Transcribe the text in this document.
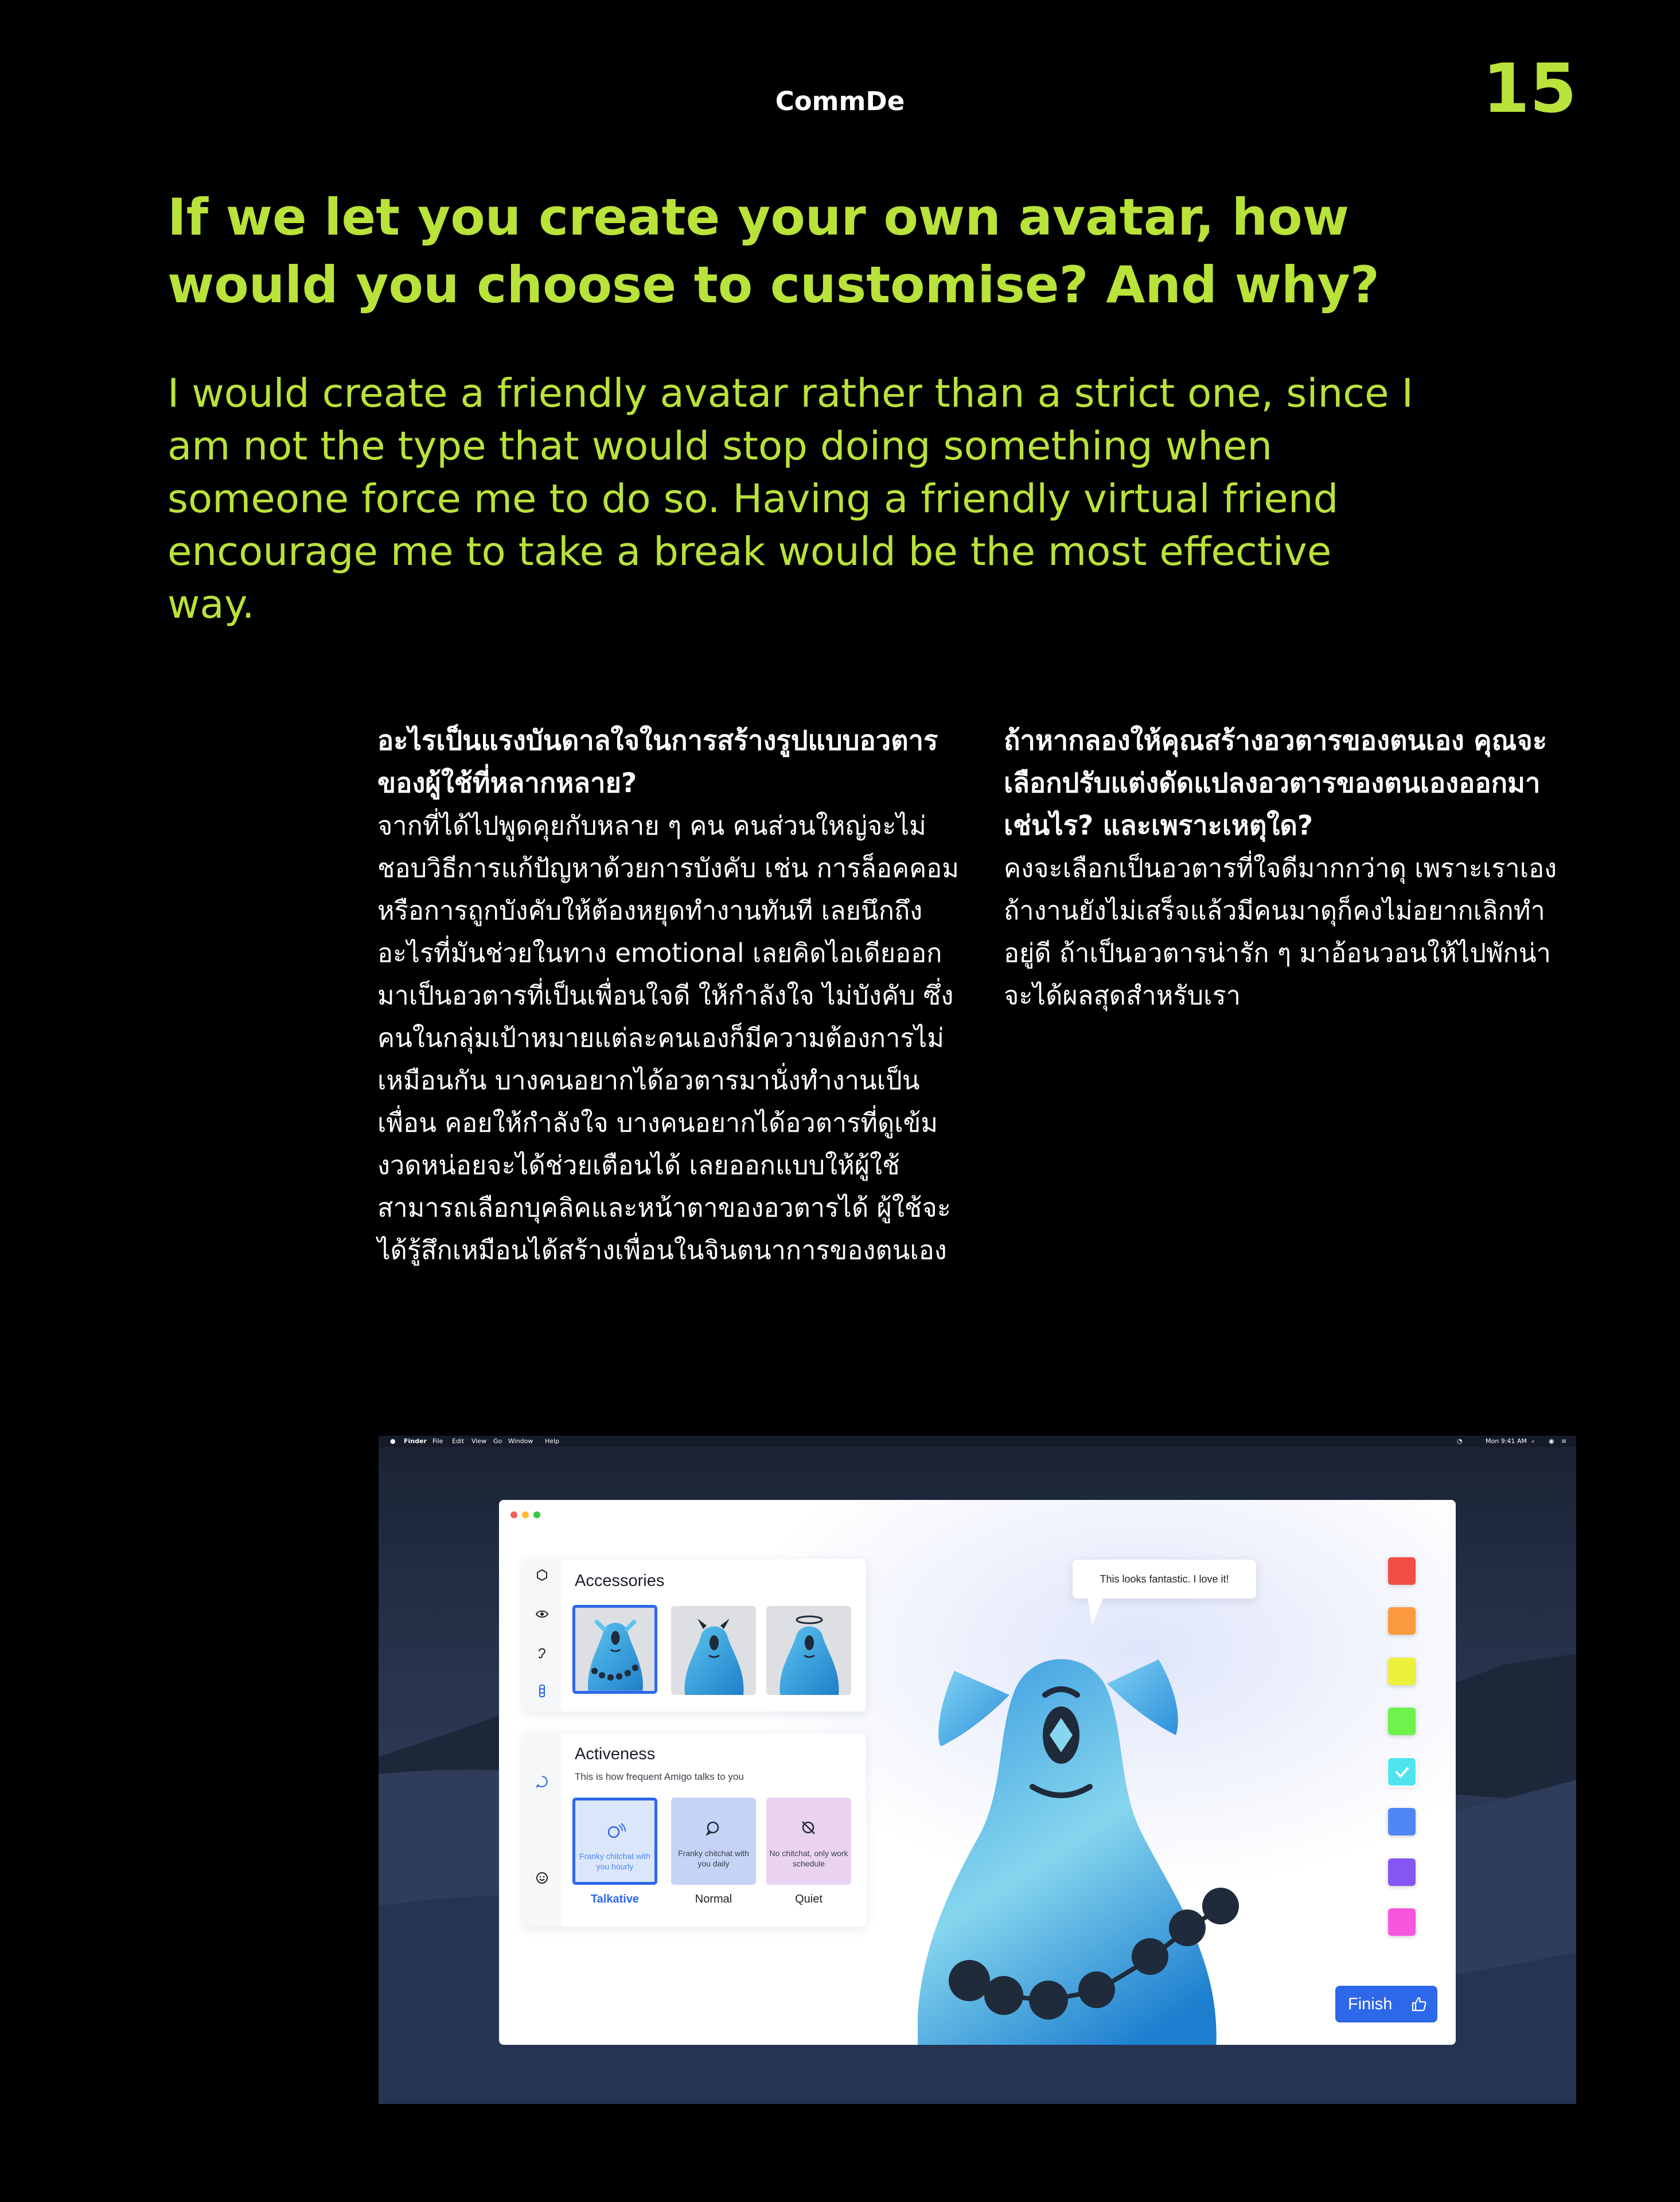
CommDe	15
If we let you create your own avatar, how would you choose to customise? And why?
I would create a friendly avatar rather than a strict one, since I am not the type that would stop doing something when someone force me to do so. Having a friendly virtual friend encourage me to take a break would be the most effective way.
อะไรเป็นแรงบันดาลใจในการสร้างรูปแบบอวตารของผู้ใช้ที่หลากหลาย?
จากที่ได้ไปพูดคุยกับหลาย ๆ คน คนส่วนใหญ่จะไม่ชอบวิธีการแก้ปัญหาด้วยการบังคับ เช่น การล็อคคอม หรือการถูกบังคับให้ต้องหยุดทำงานทันที เลยนึกถึงอะไรที่มันช่วยในทาง emotional เลยคิดไอเดียออกมาเป็นอวตารที่เป็นเพื่อนใจดี ให้กำลังใจ ไม่บังคับ ซึ่งคนในกลุ่มเป้าหมายแต่ละคนเองก็มีความต้องการไม่เหมือนกัน บางคนอยากได้อวตารมานั่งทำงานเป็นเพื่อน คอยให้กำลังใจ บางคนอยากได้อวตารที่ดูเข้มงวดหน่อยจะได้ช่วยเตือนได้ เลยออกแบบให้ผู้ใช้สามารถเลือกบุคลิคและหน้าตาของอวตารได้ ผู้ใช้จะได้รู้สึกเหมือนได้สร้างเพื่อนในจินตนาการของตนเอง
ถ้าหากลองให้คุณสร้างอวตารของตนเอง คุณจะเลือกปรับแต่งดัดแปลงอวตารของตนเองออกมาเช่นไร? และเพราะเหตุใด?
คงจะเลือกเป็นอวตารที่ใจดีมากกว่าดุ เพราะเราเองถ้างานยังไม่เสร็จแล้วมีคนมาดุก็คงไม่อยากเลิกทำอยู่ดี ถ้าเป็นอวตารน่ารัก ๆ มาอ้อนวอนให้ไปพักน่าจะได้ผลสุดสำหรับเรา
● Finder File Edit View Go Window Help	◔	Mon 9:41 AM ⌕ ◉ ≡
Accessories
Activeness
This is how frequent Amigo talks to you
Franky chitchat with you hourly
Franky chitchat with you daily
No chitchat, only work schedule
Talkative	Normal	Quiet
This looks fantastic. I love it!
Finish
